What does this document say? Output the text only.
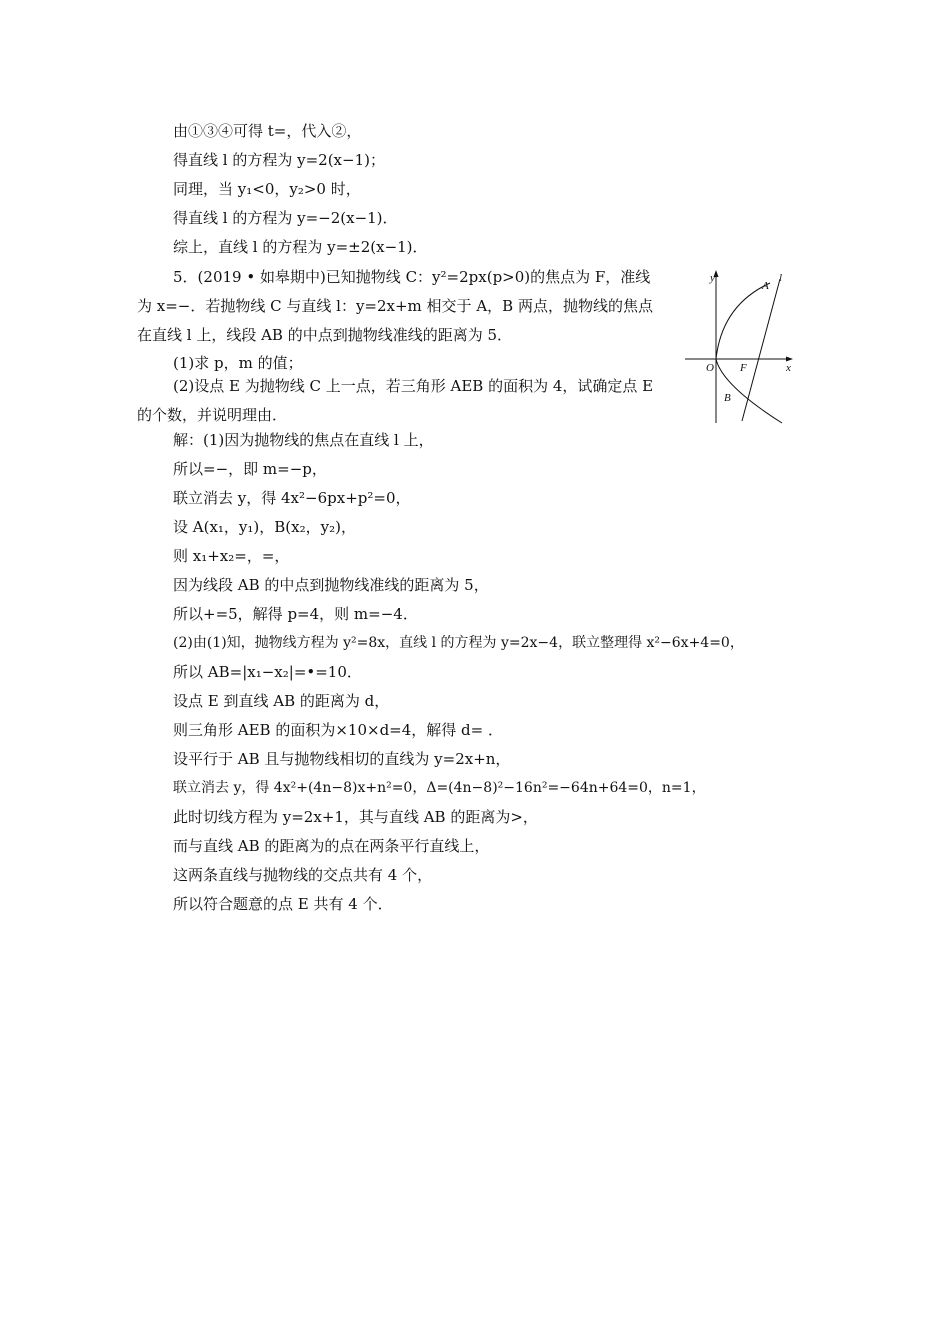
由①③④可得 t=，代入②，
得直线 l 的方程为 y=2(x−1)；
同理，当 y₁<0，y₂>0 时，
得直线 l 的方程为 y=−2(x−1)．
综上，直线 l 的方程为 y=±2(x−1)．
5．(2019 • 如皋期中)已知抛物线 C：y²=2px(p>0)的焦点为 F，准线为 x=−．若抛物线 C 与直线 l：y=2x+m 相交于 A，B 两点，抛物线的焦点在直线 l 上，线段 AB 的中点到抛物线准线的距离为 5．
(1)求 p，m 的值；
(2)设点 E 为抛物线 C 上一点，若三角形 AEB 的面积为 4，试确定点 E 的个数，并说明理由．
解：(1)因为抛物线的焦点在直线 l 上，
所以=−，即 m=−p，
联立消去 y，得 4x²−6px+p²=0，
设 A(x₁，y₁)，B(x₂，y₂)，
则 x₁+x₂=，=，
因为线段 AB 的中点到抛物线准线的距离为 5，
所以+=5，解得 p=4，则 m=−4．
(2)由(1)知，抛物线方程为 y²=8x，直线 l 的方程为 y=2x−4，联立整理得 x²−6x+4=0，
所以 AB=|x₁−x₂|=•=10．
设点 E 到直线 AB 的距离为 d，
则三角形 AEB 的面积为×10×d=4，解得 d= ．
设平行于 AB 且与抛物线相切的直线为 y=2x+n，
联立消去 y，得 4x²+(4n−8)x+n²=0，Δ=(4n−8)²−16n²=−64n+64=0，n=1，
此时切线方程为 y=2x+1，其与直线 AB 的距离为>，
而与直线 AB 的距离为的点在两条平行直线上，
这两条直线与抛物线的交点共有 4 个，
所以符合题意的点 E 共有 4 个．
y
x
O F
A
B
l
